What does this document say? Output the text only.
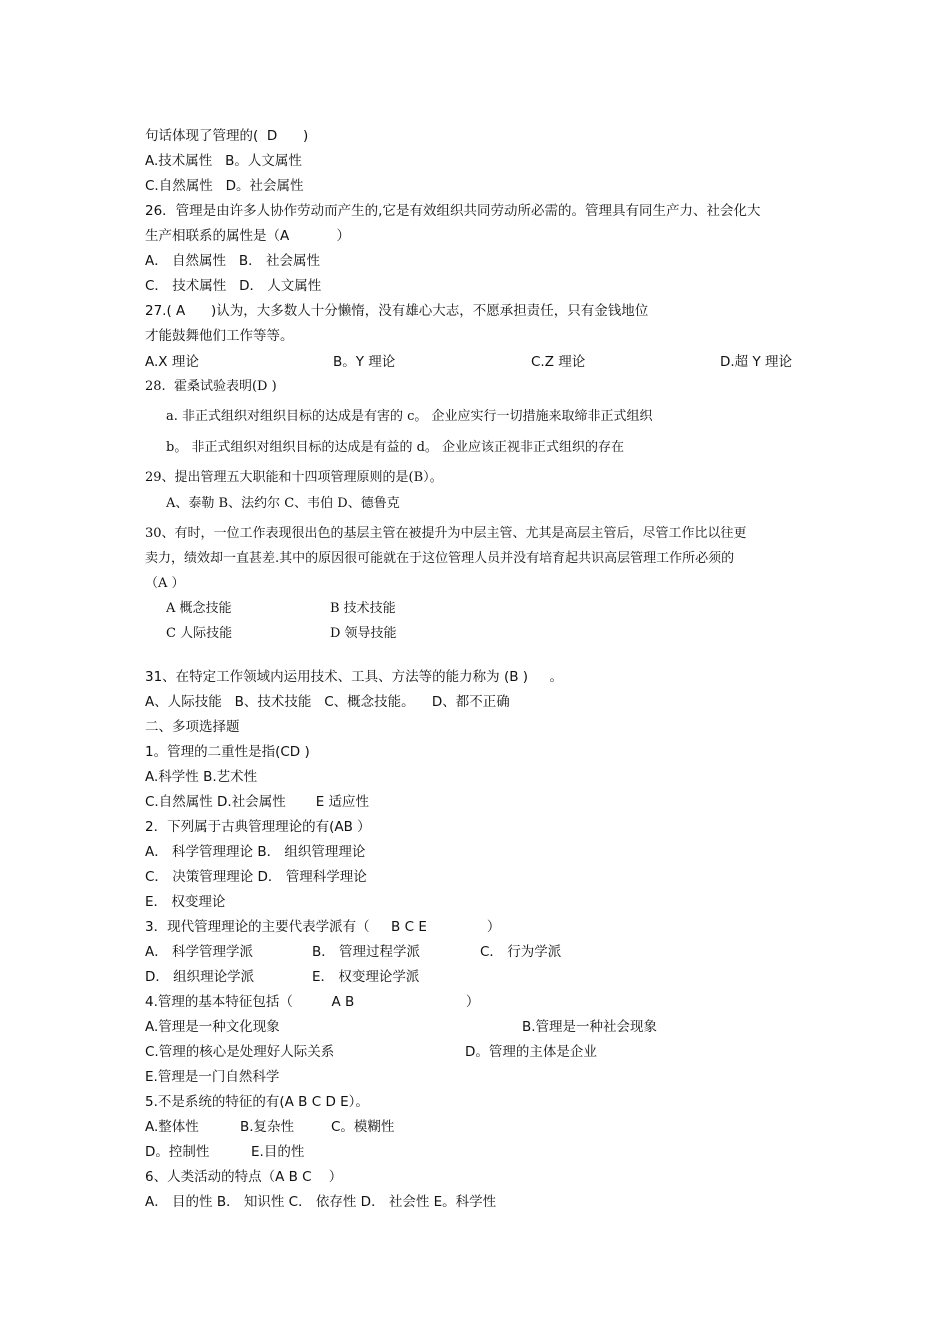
句话体现了管理的(  D      )
A.技术属性   B。人文属性
C.自然属性   D。社会属性
26．管理是由许多人协作劳动而产生的,它是有效组织共同劳动所必需的。管理具有同生产力、社会化大
生产相联系的属性是（A           ）
A． 自然属性   B． 社会属性
C． 技术属性   D． 人文属性
27.( A      )认为，大多数人十分懒惰，没有雄心大志，不愿承担责任，只有金钱地位
才能鼓舞他们工作等等。
A.X 理论	B。Y 理论	C.Z 理论	D.超 Y 理论
28.  霍桑试验表明(D )
a. 非正式组织对组织目标的达成是有害的 c。 企业应实行一切措施来取缔非正式组织
b。 非正式组织对组织目标的达成是有益的 d。 企业应该正视非正式组织的存在
29、提出管理五大职能和十四项管理原则的是(B）。
A、泰勒 B、法约尔 C、韦伯 D、德鲁克
30、有时，一位工作表现很出色的基层主管在被提升为中层主管、尤其是高层主管后，尽管工作比以往更
卖力，绩效却一直甚差.其中的原因很可能就在于这位管理人员并没有培育起共识高层管理工作所必须的
（A ）
A 概念技能	B 技术技能
C 人际技能	D 领导技能
31、在特定工作领域内运用技术、工具、方法等的能力称为 (B )     。
A、人际技能   B、技术技能   C、概念技能。    D、都不正确
二、多项选择题
1。管理的二重性是指(CD )
A.科学性 B.艺术性
C.自然属性 D.社会属性       E 适应性
2．下列属于古典管理理论的有(AB ）
A． 科学管理理论 B． 组织管理理论
C． 决策管理理论 D． 管理科学理论
E． 权变理论
3．现代管理理论的主要代表学派有（     B C E              ）
A． 科学管理学派	B． 管理过程学派	C． 行为学派
D． 组织理论学派	E． 权变理论学派
4.管理的基本特征包括（         A B                          ）
A.管理是一种文化现象	B.管理是一种社会现象
C.管理的核心是处理好人际关系	D。管理的主体是企业
E.管理是一门自然科学
5.不是系统的特征的有(A B C D E）。
A.整体性	B.复杂性	C。模糊性
D。控制性	E.目的性
6、人类活动的特点（A B C    ）
A． 目的性 B． 知识性 C． 依存性 D． 社会性 E。科学性
